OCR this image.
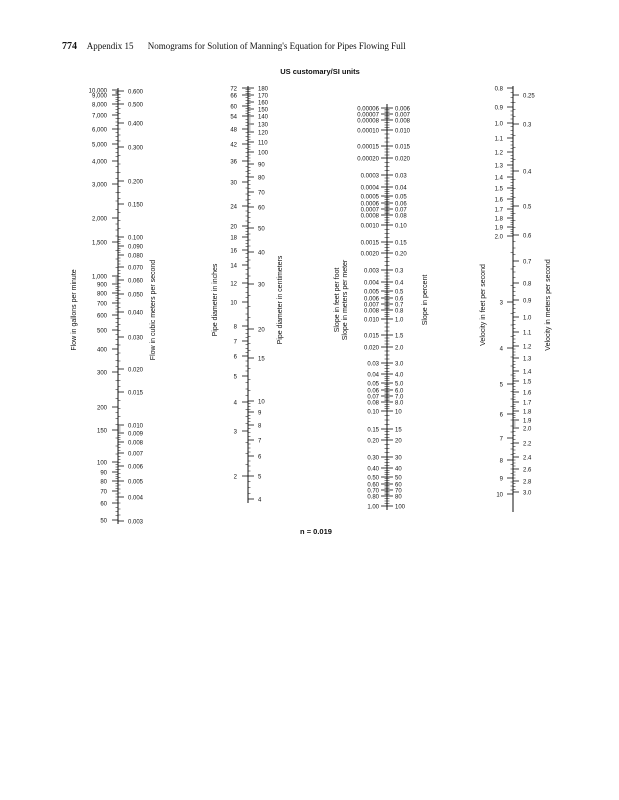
774 Appendix 15 Nomograms for Solution of Manning's Equation for Pipes Flowing Full
US customary/SI units
n = 0.019
10,000
9,000
8,000
7,000
6,000
5,000
4,000
3,000
2,000
1,500
1,000
900
800
700
600
500
400
300
200
150
100
90
80
70
60
50
0.600
0.500
0.400
0.300
0.200
0.150
0.100
0.090
0.080
0.070
0.060
0.050
0.040
0.030
0.020
0.015
0.010
0.009
0.008
0.007
0.006
0.005
0.004
0.003
Flow in gallons per minute	Flow in cubic meters per second
72
66
60
54
48
42
36
30
24
20
18
16
14
12
10
8
7
6
5
4
3
2
180
170
160
150
140
130
120
110
100
90
80
70
60
50
40
30
20
15
10
9
8
7
6
5
4
Pipe diameter in inches	Pipe diameter in centimeters
0.00006
0.00007
0.00008
0.00010
0.00015
0.00020
0.0003
0.0004
0.0005
0.0006
0.0007
0.0008
0.0010
0.0015
0.0020
0.003
0.004
0.005
0.006
0.007
0.008
0.010
0.015
0.020
0.03
0.04
0.05
0.06
0.07
0.08
0.10
0.15
0.20
0.30
0.40
0.50
0.60
0.70
0.80
1.00
0.006
0.007
0.008
0.010
0.015
0.020
0.03
0.04
0.05
0.06
0.07
0.08
0.10
0.15
0.20
0.3
0.4
0.5
0.6
0.7
0.8
1.0
1.5
2.0
3.0
4.0
5.0
6.0
7.0
8.0
10
15
20
30
40
50
60
70
80
100
Slope in feet per foot Slope in meters per meter	Slope in percent
0.8
0.9
1.0
1.1
1.2
1.3
1.4
1.5
1.6
1.7
1.8
1.9
2.0
3
4
5
6
7
8
9
10
0.25
0.3
0.4
0.5
0.6
0.7
0.8
0.9
1.0
1.1
1.2
1.3
1.4
1.5
1.6
1.7
1.8
1.9
2.0
2.2
2.4
2.6
2.8
3.0
Velocity in feet per second	Velocity in meters per second
